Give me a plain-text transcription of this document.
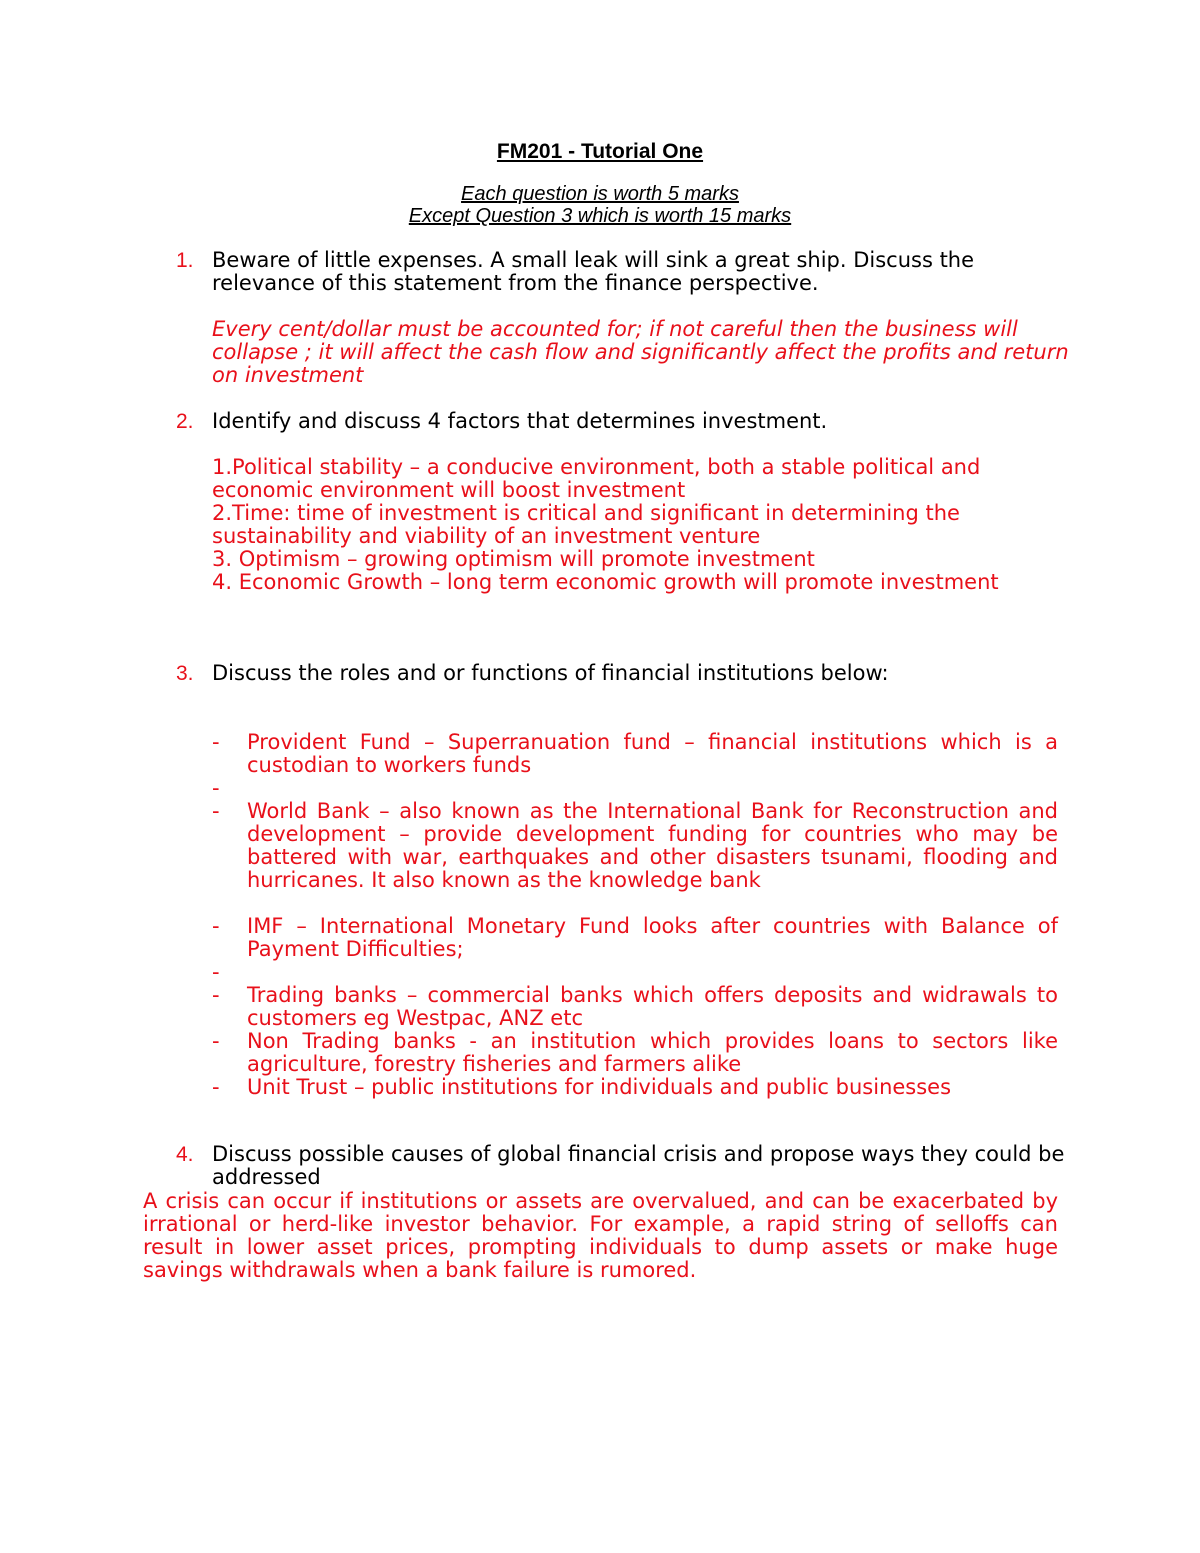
FM201 - Tutorial One
Each question is worth 5 marks
Except Question 3 which is worth 15 marks
1. Beware of little expenses. A small leak will sink a great ship. Discuss the relevance of this statement from the finance perspective.
Every cent/dollar must be accounted for; if not careful then the business will collapse ; it will affect the cash flow and significantly affect the profits and return on investment
2. Identify and discuss 4 factors that determines investment.
1.Political stability – a conducive environment, both a stable political and economic environment will boost investment
2.Time: time of investment is critical and significant in determining the sustainability and viability of an investment venture
3. Optimism – growing optimism will promote investment
4. Economic Growth – long term economic growth will promote investment
3. Discuss the roles and or functions of financial institutions below:
- Provident Fund – Superranuation fund – financial institutions which is a custodian to workers funds
-

- World Bank – also known as the International Bank for Reconstruction and development – provide development funding for countries who may be battered with war, earthquakes and other disasters tsunami, flooding and hurricanes. It also known as the knowledge bank
- IMF – International Monetary Fund looks after countries with Balance of Payment Difficulties;
-

- Trading banks – commercial banks which offers deposits and widrawals to customers eg Westpac, ANZ etc
- Non Trading banks - an institution which provides loans to sectors like agriculture, forestry fisheries and farmers alike
- Unit Trust – public institutions for individuals and public businesses
4. Discuss possible causes of global financial crisis and propose ways they could be addressed
A crisis can occur if institutions or assets are overvalued, and can be exacerbated by irrational or herd-like investor behavior. For example, a rapid string of selloffs can result in lower asset prices, prompting individuals to dump assets or make huge savings withdrawals when a bank failure is rumored.
